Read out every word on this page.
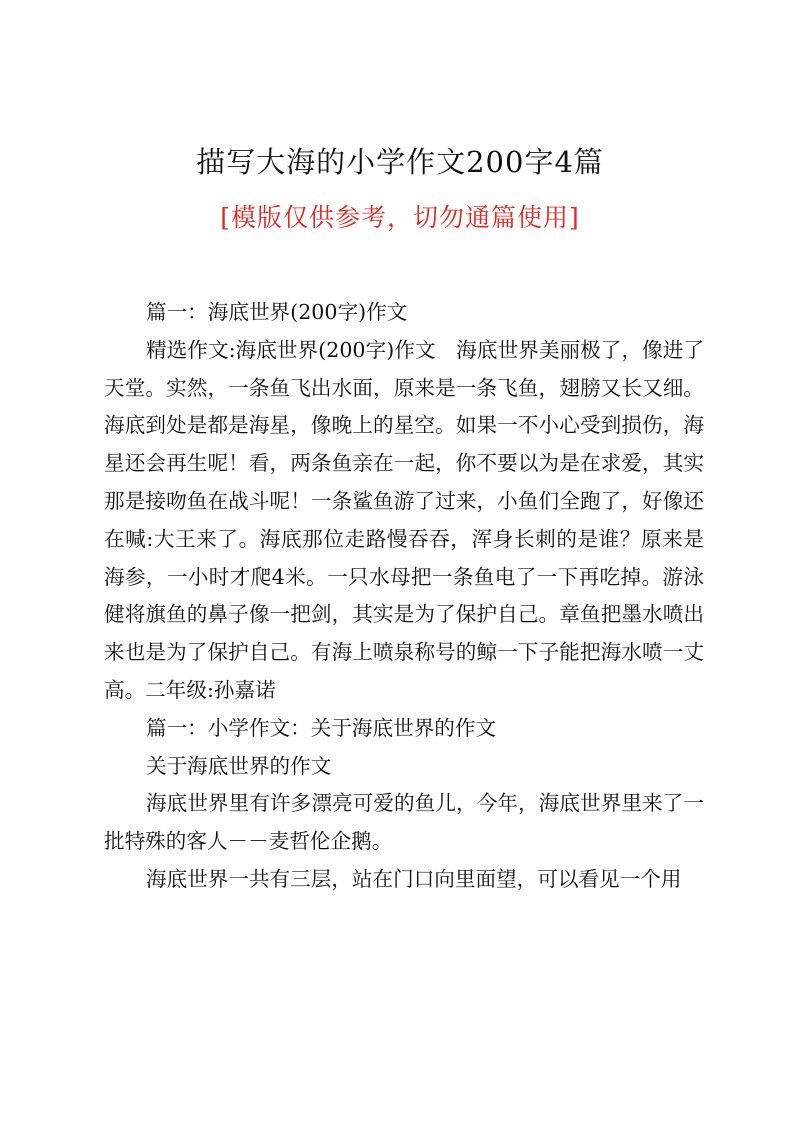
描写大海的小学作文200字4篇
[模版仅供参考，切勿通篇使用]

篇一：海底世界(200字)作文

精选作文:海底世界(200字)作文　海底世界美丽极了，像进了天堂。实然，一条鱼飞出水面，原来是一条飞鱼，翅膀又长又细。海底到处是都是海星，像晚上的星空。如果一不小心受到损伤，海星还会再生呢！看，两条鱼亲在一起，你不要以为是在求爱，其实那是接吻鱼在战斗呢！一条鲨鱼游了过来，小鱼们全跑了，好像还在喊:大王来了。海底那位走路慢吞吞，浑身长刺的是谁？原来是海参，一小时才爬4米。一只水母把一条鱼电了一下再吃掉。游泳健将旗鱼的鼻子像一把剑，其实是为了保护自己。章鱼把墨水喷出来也是为了保护自己。有海上喷泉称号的鲸一下子能把海水喷一丈高。二年级:孙嘉诺

篇一：小学作文：关于海底世界的作文

关于海底世界的作文

海底世界里有许多漂亮可爱的鱼儿，今年，海底世界里来了一批特殊的客人－－麦哲伦企鹅。

海底世界一共有三层，站在门口向里面望，可以看见一个用
